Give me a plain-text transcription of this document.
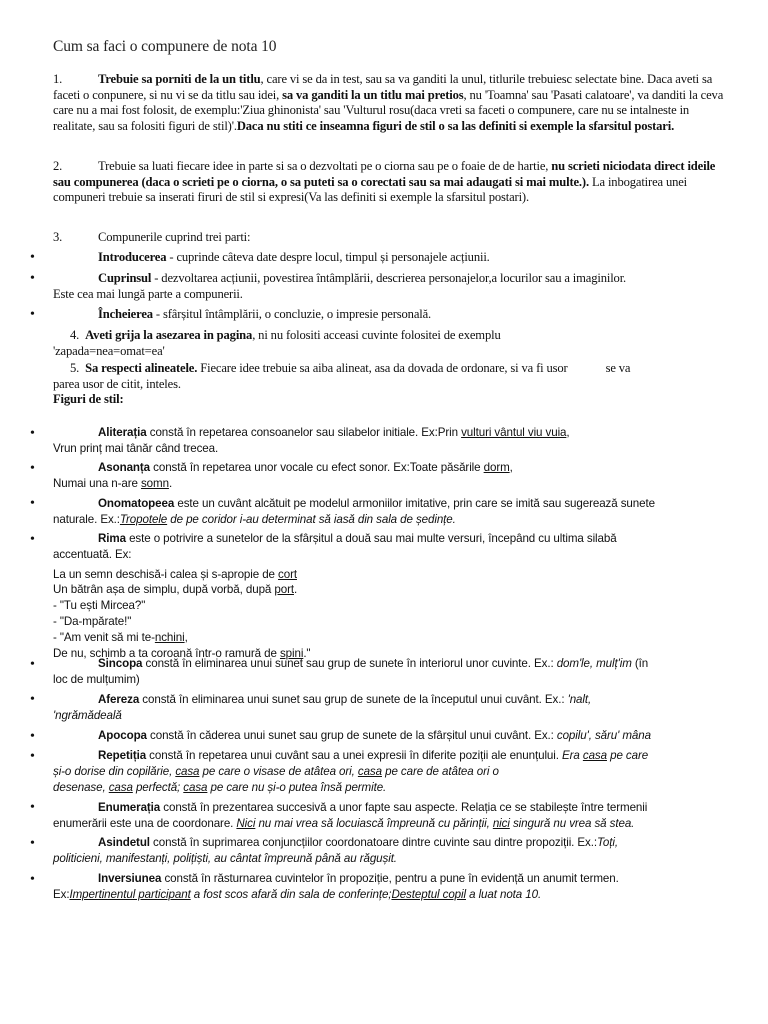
Cum sa faci o compunere de nota 10
1.	Trebuie sa porniti de la un titlu, care vi se da in test, sau sa va ganditi la unul, titlurile trebuiesc selectate bine. Daca aveti sa faceti o conpunere, si nu vi se da titlu sau idei, sa va ganditi la un titlu mai pretios, nu 'Toamna' sau 'Pasati calatoare', va danditi la ceva care nu a mai fost folosit, de exemplu:'Ziua ghinonista' sau 'Vulturul rosu(daca vreti sa faceti o compunere, care nu se intalneste in realitate, sau sa folositi figuri de stil)'.Daca nu stiti ce inseamna figuri de stil o sa las definiti si exemple la sfarsitul postari.
2.	Trebuie sa luati fiecare idee in parte si sa o dezvoltati pe o ciorna sau pe o foaie de de hartie, nu scrieti niciodata direct ideile sau compunerea (daca o scrieti pe o ciorna, o sa puteti sa o corectati sau sa mai adaugati si mai multe.). La inbogatirea unei compuneri trebuie sa inserati firuri de stil si expresi(Va las definiti si exemple la sfarsitul postari).
3.	Compunerile cuprind trei parti:
•	Introducerea - cuprinde câteva date despre locul, timpul și personajele acțiunii.
•	Cuprinsul - dezvoltarea acțiunii, povestirea întâmplării, descrierea personajelor,a locurilor sau a imaginilor.
Este cea mai lungă parte a compunerii.
•	Încheierea - sfârșitul întâmplării, o concluzie, o impresie personală.
4. Aveti grija la asezarea in pagina, ni nu folositi acceasi cuvinte folositei de exemplu
'zapada=nea=omat=ea'
5. Sa respecti alineatele. Fiecare idee trebuie sa aiba alineat, asa da dovada de ordonare, si va fi usor	se va
parea usor de citit, inteles.
Figuri de stil:
•	Aliterația constă în repetarea consoanelor sau silabelor initiale. Ex:Prin vulturi vântul viu vuia,
Vrun prinț mai tânăr când trecea.
•	Asonanța constă în repetarea unor vocale cu efect sonor. Ex:Toate păsările dorm,
Numai una n-are somn.
•	Onomatopeea este un cuvânt alcătuit pe modelul armoniilor imitative, prin care se imită sau sugerează sunete
naturale. Ex.:Tropotele de pe coridor i-au determinat să iasă din sala de ședințe.
•	Rima este o potrivire a sunetelor de la sfârșitul a două sau mai multe versuri, începând cu ultima silabă
accentuată. Ex:
La un semn deschisă-i calea și s-apropie de cort
Un bătrân așa de simplu, după vorbă, după port.
- "Tu ești Mircea?"
- "Da-mpărate!"
- "Am venit să mi te-nchini,
De nu, schimb a ta coroană într-o ramură de spini."
•	Sincopa constă în eliminarea unui sunet sau grup de sunete în interiorul unor cuvinte. Ex.: dom'le, mulț'im (în
loc de mulțumim)
•	Afereza constă în eliminarea unui sunet sau grup de sunete de la începutul unui cuvânt. Ex.: 'nalt,
'ngrămădeală
•	Apocopa constă în căderea unui sunet sau grup de sunete de la sfârșitul unui cuvânt. Ex.: copilu', săru' mâna
•	Repetiția constă în repetarea unui cuvânt sau a unei expresii în diferite poziții ale enunțului. Era casa pe care
și-o dorise din copilărie, casa pe care o visase de atâtea ori, casa pe care de atâtea ori o
desenase, casa perfectă; casa pe care nu și-o putea însă permite.
•	Enumerația constă în prezentarea succesivă a unor fapte sau aspecte. Relația ce se stabilește între termenii
enumerării este una de coordonare. Nici nu mai vrea să locuiască împreună cu părinții, nici singură nu vrea să stea.
•	Asindetul constă în suprimarea conjuncțiilor coordonatoare dintre cuvinte sau dintre propoziții. Ex.:Toți,
politicieni, manifestanți, polițiști, au cântat împreună până au răgușit.
•	Inversiunea constă în răsturnarea cuvintelor în propoziție, pentru a pune în evidență un anumit termen.
Ex:Impertinentul participant a fost scos afară din sala de conferințe;Desteptul copil a luat nota 10.
